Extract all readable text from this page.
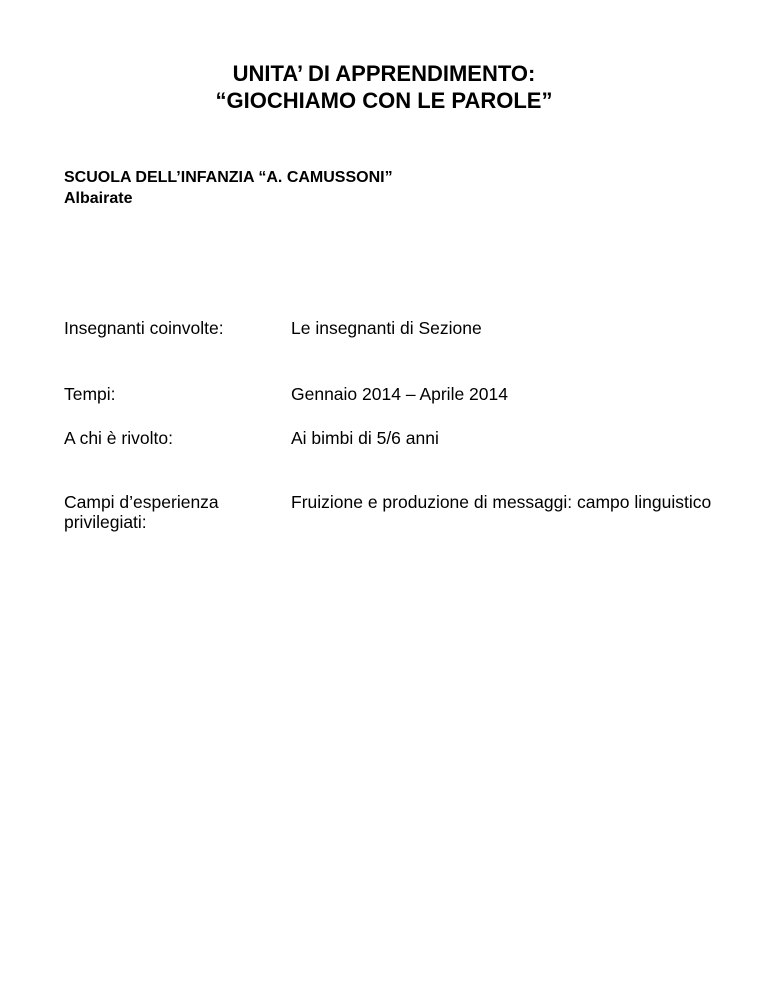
UNITA’ DI APPRENDIMENTO:
“GIOCHIAMO CON LE PAROLE”
SCUOLA DELL’INFANZIA “A. CAMUSSONI”
Albairate
Insegnanti coinvolte:	Le insegnanti di Sezione
Tempi:	Gennaio 2014 – Aprile 2014
A chi è rivolto:	Ai bimbi di 5/6 anni
Campi d’esperienza privilegiati:
Fruizione e produzione di messaggi: campo linguistico
